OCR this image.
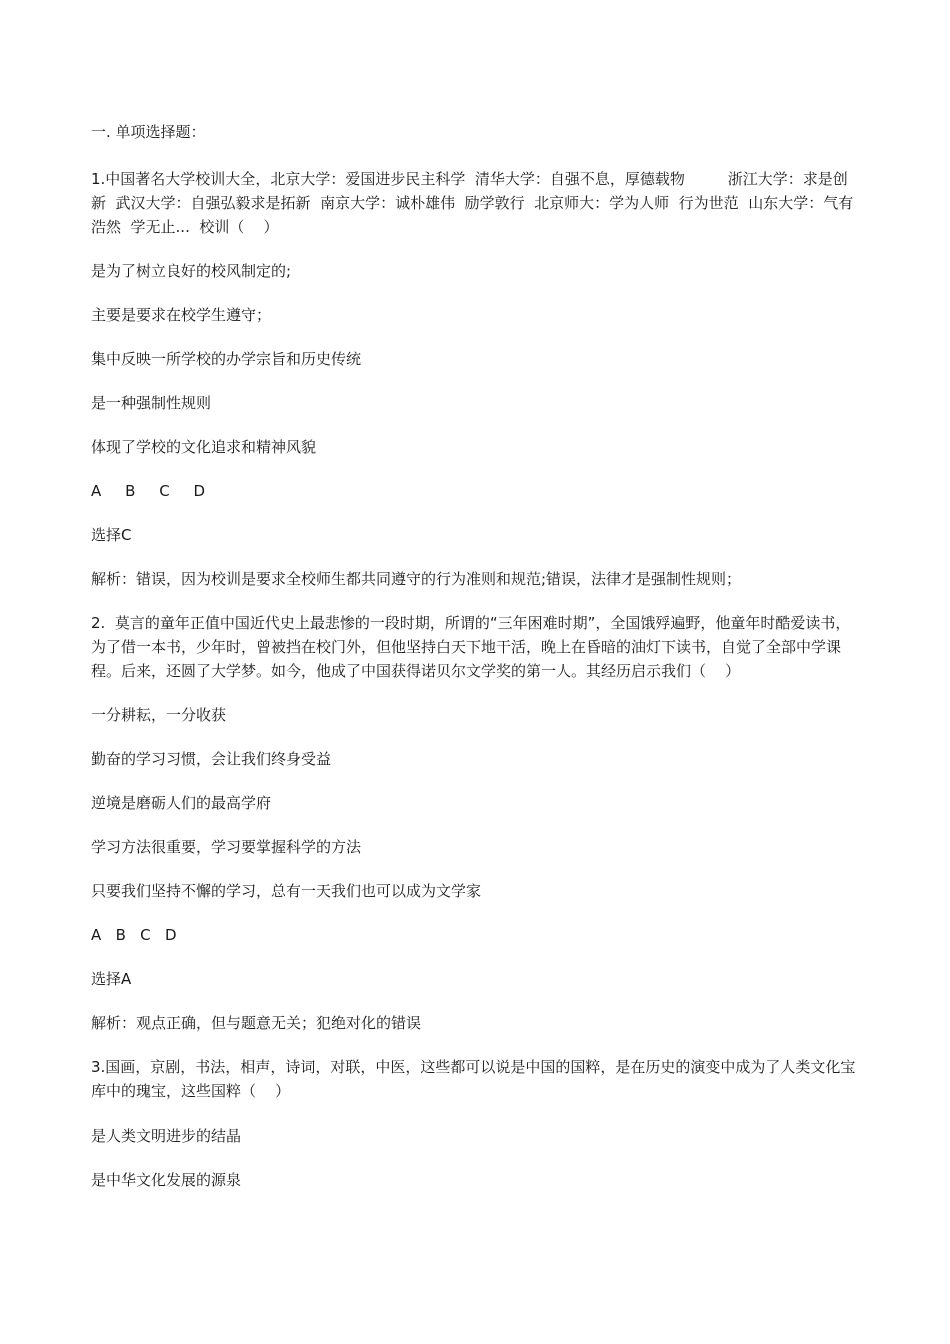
一. 单项选择题：

1.中国著名大学校训大全，北京大学：爱国进步民主科学  清华大学：自强不息，厚德载物         浙江大学：求是创新  武汉大学：自强弘毅求是拓新  南京大学：诚朴雄伟  励学敦行  北京师大：学为人师  行为世范  山东大学：气有浩然  学无止...  校训（    ）

是为了树立良好的校风制定的;

主要是要求在校学生遵守；

集中反映一所学校的办学宗旨和历史传统

是一种强制性规则

体现了学校的文化追求和精神风貌

A     B     C     D

选择C

解析：错误，因为校训是要求全校师生都共同遵守的行为准则和规范;错误，法律才是强制性规则；

2.  莫言的童年正值中国近代史上最悲惨的一段时期，所谓的“三年困难时期”，全国饿殍遍野，他童年时酷爱读书，为了借一本书，少年时，曾被挡在校门外，但他坚持白天下地干活，晚上在昏暗的油灯下读书，自觉了全部中学课程。后来，还圆了大学梦。如今，他成了中国获得诺贝尔文学奖的第一人。其经历启示我们（    ）

一分耕耘，一分收获

勤奋的学习习惯，会让我们终身受益

逆境是磨砺人们的最高学府

学习方法很重要，学习要掌握科学的方法

只要我们坚持不懈的学习，总有一天我们也可以成为文学家

A   B   C   D

选择A

解析：观点正确，但与题意无关；犯绝对化的错误

3.国画，京剧，书法，相声，诗词，对联，中医，这些都可以说是中国的国粹，是在历史的演变中成为了人类文化宝库中的瑰宝，这些国粹（    ）

是人类文明进步的结晶

是中华文化发展的源泉
